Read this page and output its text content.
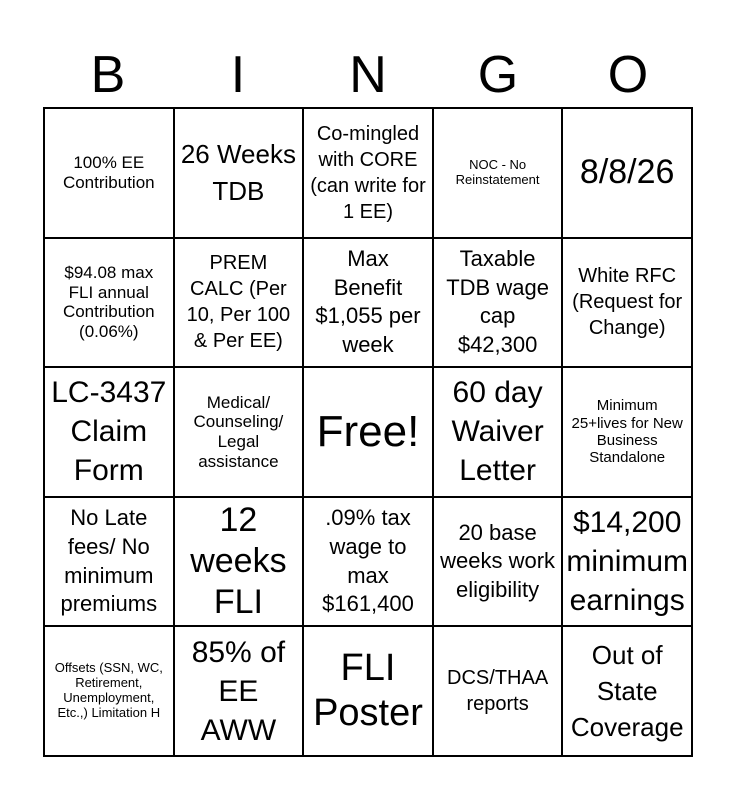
B	I	N	G	O
100% EE Contribution
26 Weeks TDB
Co-mingled with CORE (can write for 1 EE)
NOC - No Reinstatement	8/8/26
$94.08 max FLI annual Contribution (0.06%)
PREM CALC (Per 10, Per 100 & Per EE)
Max Benefit $1,055 per week
Taxable TDB wage cap $42,300
White RFC (Request for Change)
LC-3437 Claim Form
Medical/ Counseling/ Legal assistance
Free!
60 day Waiver Letter
Minimum 25+lives for New Business Standalone
No Late fees/ No minimum premiums
12 weeks FLI
.09% tax wage to max $161,400
20 base weeks work eligibility
$14,200 minimum earnings
Offsets (SSN, WC, Retirement, Unemployment, Etc.,) Limitation H
85% of EE AWW
FLI Poster
DCS/THAA reports
Out of State Coverage
